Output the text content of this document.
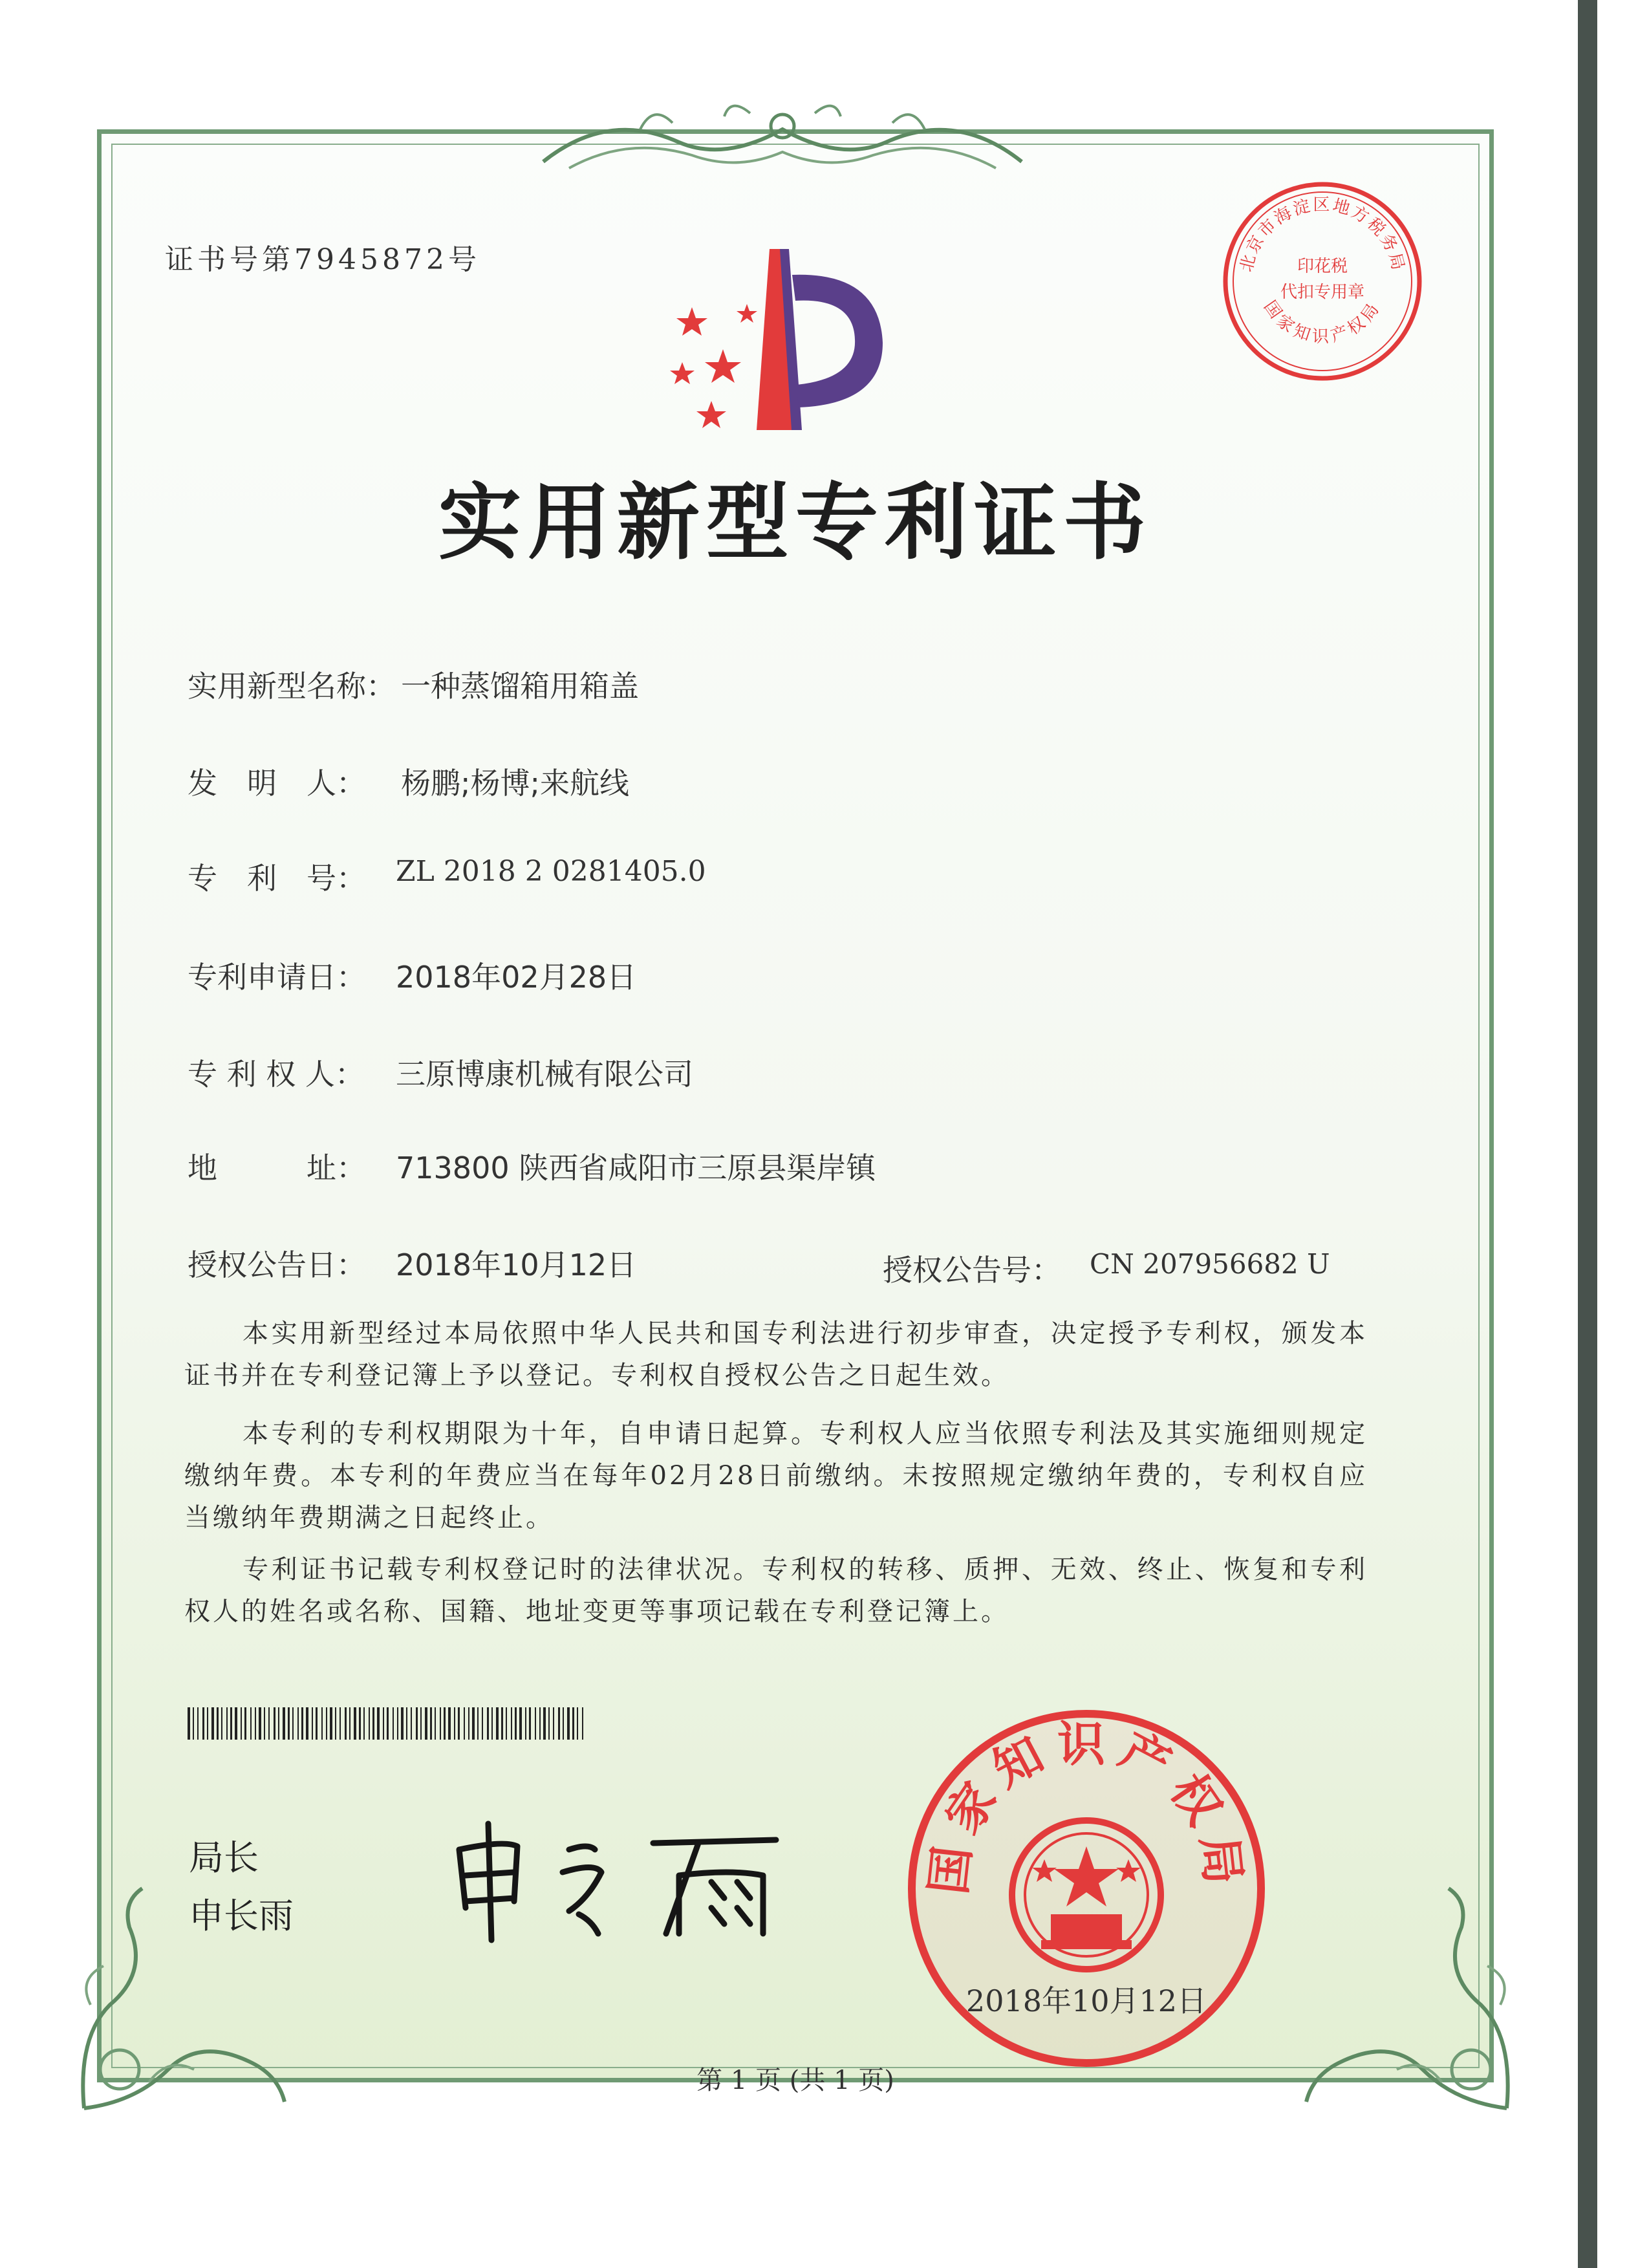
证书号第7945872号	北京市海淀区地方税务局
印花税
代扣专用章
国家知识产权局
实用新型专利证书
实用新型名称： 一种蒸馏箱用箱盖
发　明　人： 杨鹏;杨博;来航线
专　利　号： ZL 2018 2 0281405.0
专利申请日： 2018年02月28日
专 利 权 人： 三原博康机械有限公司
地　　　址： 713800 陕西省咸阳市三原县渠岸镇
授权公告日： 2018年10月12日	授权公告号： CN 207956682 U
本实用新型经过本局依照中华人民共和国专利法进行初步审查，决定授予专利权，颁发本证书并在专利登记簿上予以登记。专利权自授权公告之日起生效。
本专利的专利权期限为十年，自申请日起算。专利权人应当依照专利法及其实施细则规定缴纳年费。本专利的年费应当在每年02月28日前缴纳。未按照规定缴纳年费的，专利权自应当缴纳年费期满之日起终止。
专利证书记载专利权登记时的法律状况。专利权的转移、质押、无效、终止、恢复和专利权人的姓名或名称、国籍、地址变更等事项记载在专利登记簿上。
局长
申长雨
国家知识产权局
2018年10月12日
第 1 页 (共 1 页)
